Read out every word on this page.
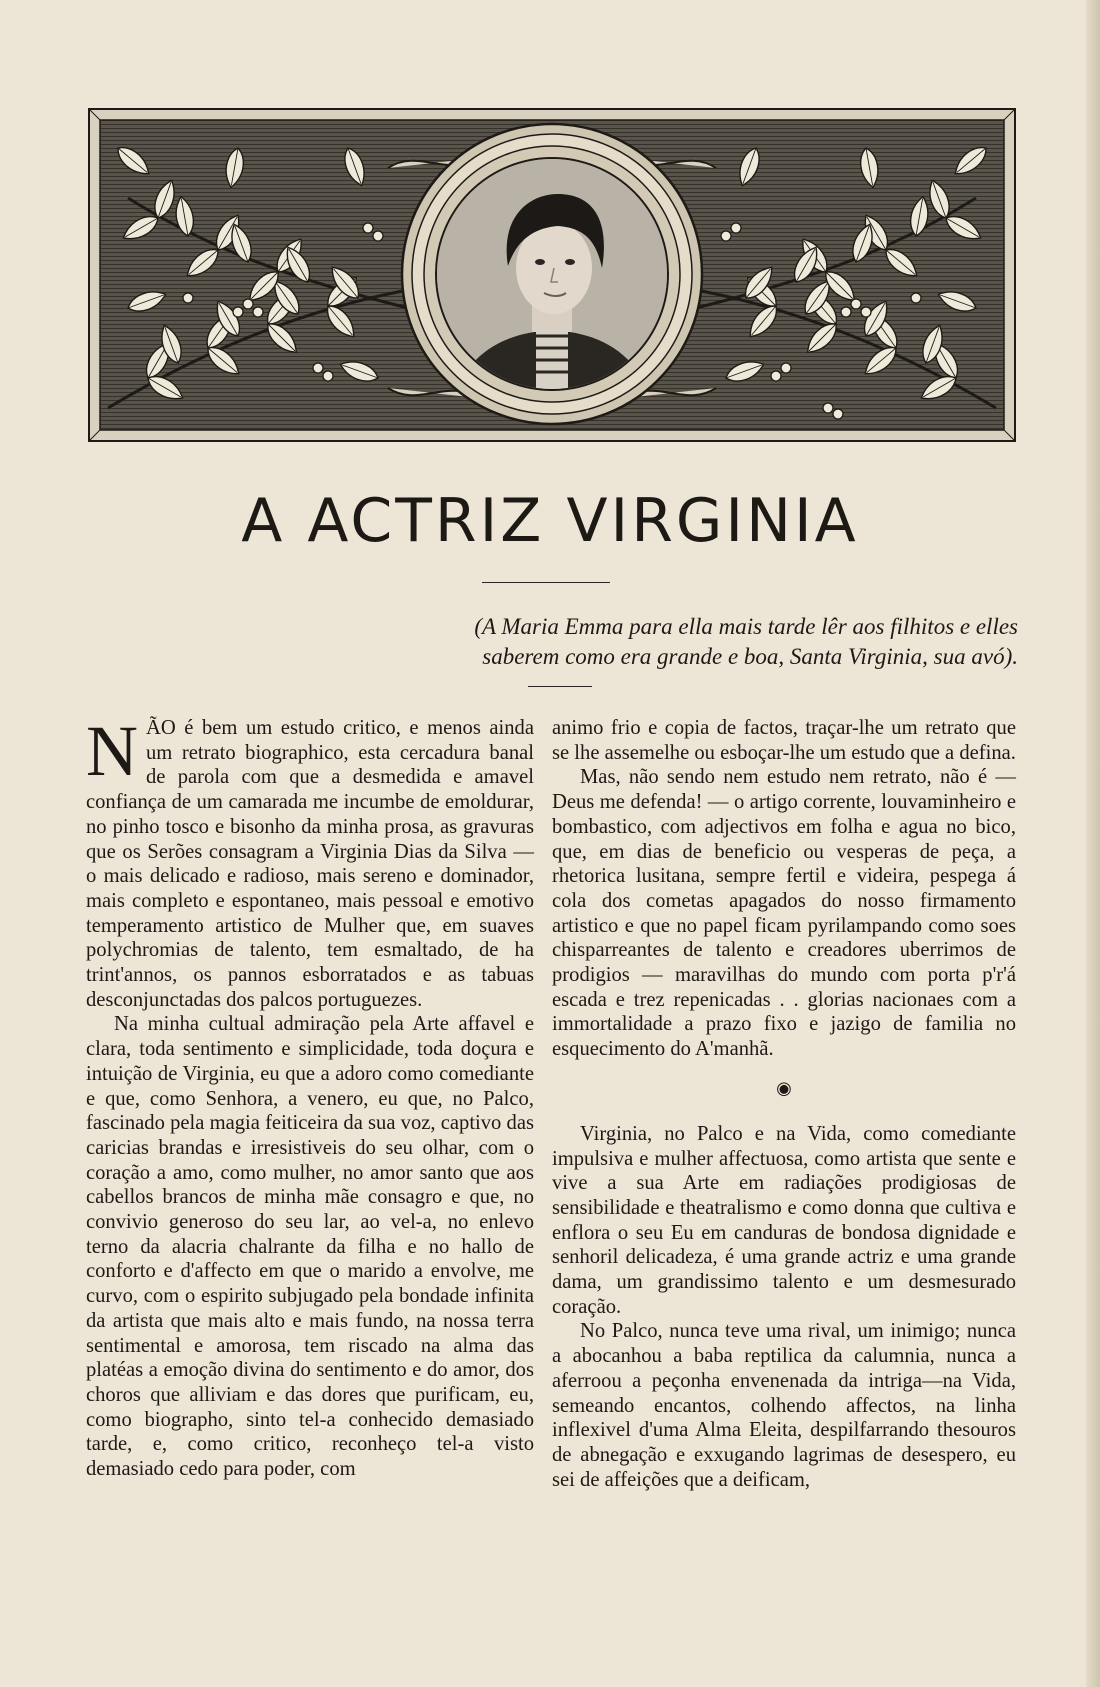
A ACTRIZ VIRGINIA
(A Maria Emma para ella mais tarde lêr aos filhitos e elles
saberem como era grande e boa, Santa Virginia, sua avó).

NÃO é bem um estudo critico, e menos ainda um retrato biographico, esta cercadura banal de parola com que a desmedida e amavel confiança de um camarada me incumbe de emoldurar, no pinho tosco e bisonho da minha prosa, as gravuras que os Serões consagram a Virginia Dias da Silva — o mais delicado e radioso, mais sereno e dominador, mais completo e espontaneo, mais pessoal e emotivo temperamento artistico de Mulher que, em suaves polychromias de talento, tem esmaltado, de ha trint'annos, os pannos esborratados e as tabuas desconjunctadas dos palcos portuguezes.

Na minha cultual admiração pela Arte affavel e clara, toda sentimento e simplicidade, toda doçura e intuição de Virginia, eu que a adoro como comediante e que, como Senhora, a venero, eu que, no Palco, fascinado pela magia feiticeira da sua voz, captivo das caricias brandas e irresistiveis do seu olhar, com o coração a amo, como mulher, no amor santo que aos cabellos brancos de minha mãe consagro e que, no convivio generoso do seu lar, ao vel-a, no enlevo terno da alacria chalrante da filha e no hallo de conforto e d'affecto em que o marido a envolve, me curvo, com o espirito subjugado pela bondade infinita da artista que mais alto e mais fundo, na nossa terra sentimental e amorosa, tem riscado na alma das platéas a emoção divina do sentimento e do amor, dos choros que alliviam e das dores que purificam, eu, como biographo, sinto tel-a conhecido demasiado tarde, e, como critico, reconheço tel-a visto demasiado cedo para poder, com

animo frio e copia de factos, traçar-lhe um retrato que se lhe assemelhe ou esboçar-lhe um estudo que a defina.

Mas, não sendo nem estudo nem retrato, não é — Deus me defenda! — o artigo corrente, louvaminheiro e bombastico, com adjectivos em folha e agua no bico, que, em dias de beneficio ou vesperas de peça, a rhetorica lusitana, sempre fertil e videira, pespega á cola dos cometas apagados do nosso firmamento artistico e que no papel ficam pyrilampando como soes chisparreantes de talento e creadores uberrimos de prodigios — maravilhas do mundo com porta p'r'á escada e trez repenicadas . . glorias nacionaes com a immortalidade a prazo fixo e jazigo de familia no esquecimento do A'manhã.

◉

Virginia, no Palco e na Vida, como comediante impulsiva e mulher affectuosa, como artista que sente e vive a sua Arte em radiações prodigiosas de sensibilidade e theatralismo e como donna que cultiva e enflora o seu Eu em canduras de bondosa dignidade e senhoril delicadeza, é uma grande actriz e uma grande dama, um grandissimo talento e um desmesurado coração.

No Palco, nunca teve uma rival, um inimigo; nunca a abocanhou a baba reptilica da calumnia, nunca a aferroou a peçonha envenenada da intriga—na Vida, semeando encantos, colhendo affectos, na linha inflexivel d'uma Alma Eleita, despilfarrando thesouros de abnegação e exxugando lagrimas de desespero, eu sei de affeições que a deificam,
